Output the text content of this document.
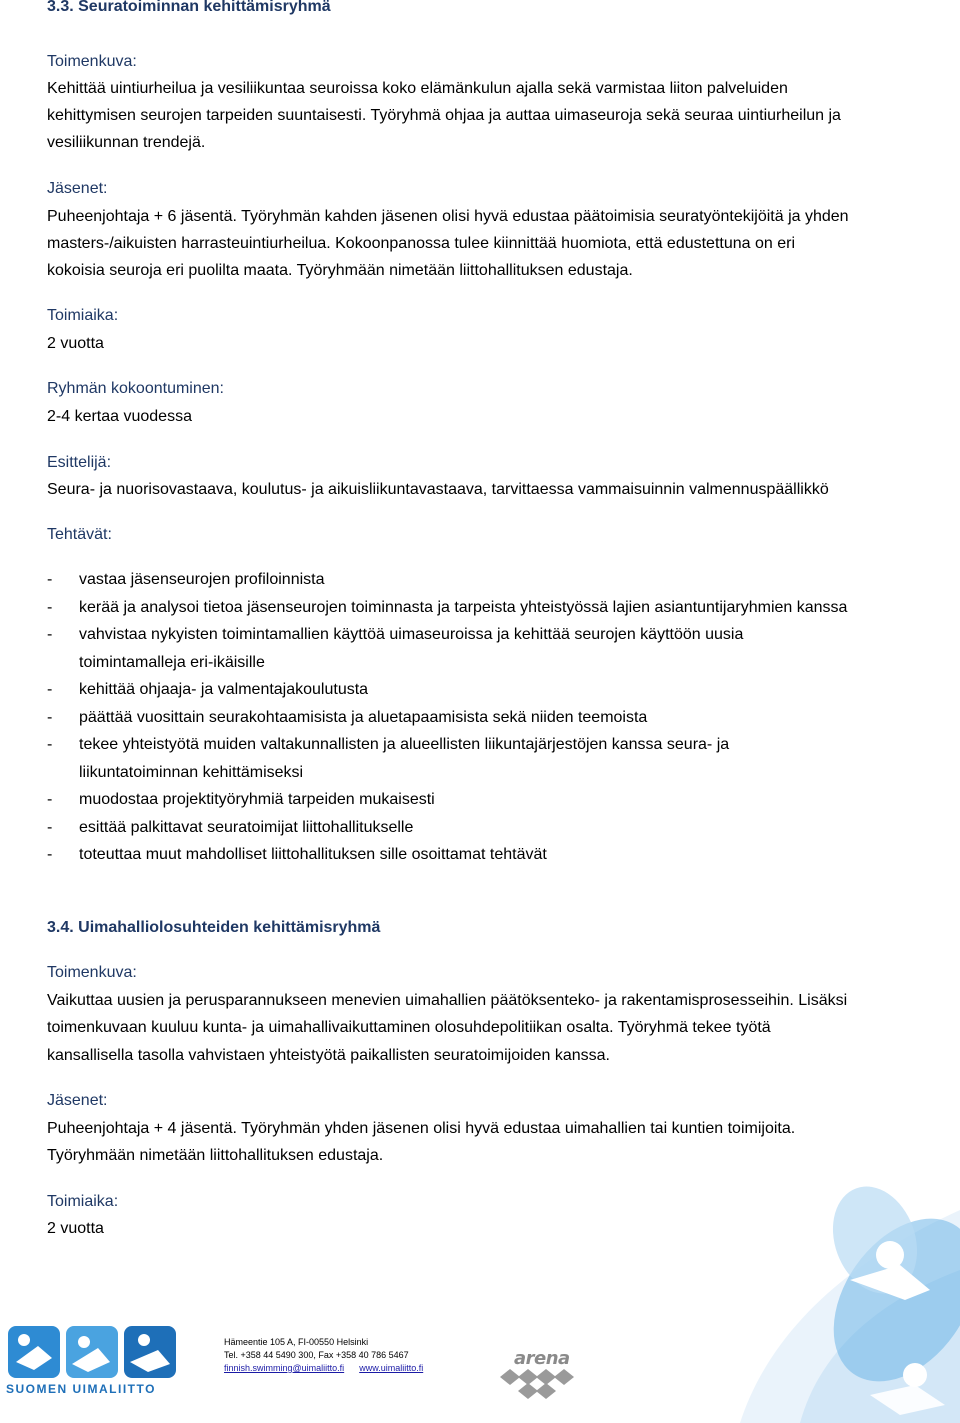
3.3. Seuratoiminnan kehittämisryhmä
Toimenkuva:
Kehittää uintiurheilua ja vesiliikuntaa seuroissa koko elämänkulun ajalla sekä varmistaa liiton palveluiden
kehittymisen seurojen tarpeiden suuntaisesti. Työryhmä ohjaa ja auttaa uimaseuroja sekä seuraa uintiurheilun ja
vesiliikunnan trendejä.
Jäsenet:
Puheenjohtaja + 6 jäsentä. Työryhmän kahden jäsenen olisi hyvä edustaa päätoimisia seuratyöntekijöitä ja yhden
masters-/aikuisten harrasteuintiurheilua. Kokoonpanossa tulee kiinnittää huomiota, että edustettuna on eri
kokoisia seuroja eri puolilta maata. Työryhmään nimetään liittohallituksen edustaja.
Toimiaika:
2 vuotta
Ryhmän kokoontuminen:
2-4 kertaa vuodessa
Esittelijä:
Seura- ja nuorisovastaava, koulutus- ja aikuisliikuntavastaava, tarvittaessa vammaisuinnin valmennuspäällikkö
Tehtävät:
- vastaa jäsenseurojen profiloinnista
- kerää ja analysoi tietoa jäsenseurojen toiminnasta ja tarpeista yhteistyössä lajien asiantuntijaryhmien kanssa
- vahvistaa nykyisten toimintamallien käyttöä uimaseuroissa ja kehittää seurojen käyttöön uusia
toimintamalleja eri-ikäisille
- kehittää ohjaaja- ja valmentajakoulutusta
- päättää vuosittain seurakohtaamisista ja aluetapaamisista sekä niiden teemoista
- tekee yhteistyötä muiden valtakunnallisten ja alueellisten liikuntajärjestöjen kanssa seura- ja
liikuntatoiminnan kehittämiseksi
- muodostaa projektityöryhmiä tarpeiden mukaisesti
- esittää palkittavat seuratoimijat liittohallitukselle
- toteuttaa muut mahdolliset liittohallituksen sille osoittamat tehtävät
3.4. Uimahalliolosuhteiden kehittämisryhmä
Toimenkuva:
Vaikuttaa uusien ja perusparannukseen menevien uimahallien päätöksenteko- ja rakentamisprosesseihin. Lisäksi
toimenkuvaan kuuluu kunta- ja uimahallivaikuttaminen olosuhdepolitiikan osalta. Työryhmä tekee työtä
kansallisella tasolla vahvistaen yhteistyötä paikallisten seuratoimijoiden kanssa.
Jäsenet:
Puheenjohtaja + 4 jäsentä. Työryhmän yhden jäsenen olisi hyvä edustaa uimahallien tai kuntien toimijoita.
Työryhmään nimetään liittohallituksen edustaja.
Toimiaika:
2 vuotta
SUOMEN UIMALIITTO
Hämeentie 105 A, FI-00550 Helsinki
Tel. +358 44 5490 300, Fax +358 40 786 5467
finnish.swimming@uimaliitto.fi www.uimaliitto.fi	arena
